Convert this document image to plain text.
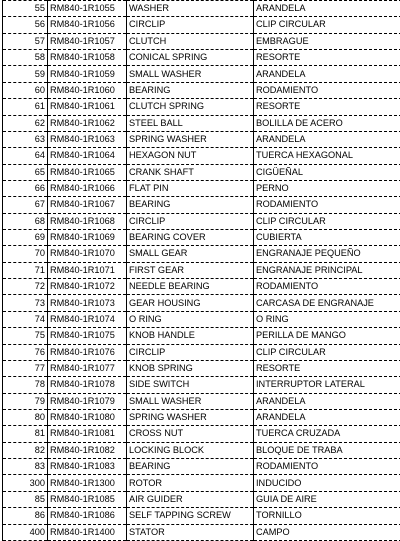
55	RM840-1R1055	WASHER	ARANDELA
56	RM840-1R1056	CIRCLIP	CLIP CIRCULAR
57	RM840-1R1057	CLUTCH	EMBRAGUE
58	RM840-1R1058	CONICAL SPRING	RESORTE
59	RM840-1R1059	SMALL WASHER	ARANDELA
60	RM840-1R1060	BEARING	RODAMIENTO
61	RM840-1R1061	CLUTCH SPRING	RESORTE
62	RM840-1R1062	STEEL BALL	BOLILLA DE ACERO
63	RM840-1R1063	SPRING WASHER	ARANDELA
64	RM840-1R1064	HEXAGON NUT	TUERCA HEXAGONAL
65	RM840-1R1065	CRANK SHAFT	CIGÜEÑAL
66	RM840-1R1066	FLAT PIN	PERNO
67	RM840-1R1067	BEARING	RODAMIENTO
68	RM840-1R1068	CIRCLIP	CLIP CIRCULAR
69	RM840-1R1069	BEARING COVER	CUBIERTA
70	RM840-1R1070	SMALL GEAR	ENGRANAJE PEQUEÑO
71	RM840-1R1071	FIRST GEAR	ENGRANAJE PRINCIPAL
72	RM840-1R1072	NEEDLE BEARING	RODAMIENTO
73	RM840-1R1073	GEAR HOUSING	CARCASA DE ENGRANAJE
74	RM840-1R1074	O RING	O RING
75	RM840-1R1075	KNOB HANDLE	PERILLA DE MANGO
76	RM840-1R1076	CIRCLIP	CLIP CIRCULAR
77	RM840-1R1077	KNOB SPRING	RESORTE
78	RM840-1R1078	SIDE SWITCH	INTERRUPTOR LATERAL
79	RM840-1R1079	SMALL WASHER	ARANDELA
80	RM840-1R1080	SPRING WASHER	ARANDELA
81	RM840-1R1081	CROSS NUT	TUERCA CRUZADA
82	RM840-1R1082	LOCKING BLOCK	BLOQUE DE TRABA
83	RM840-1R1083	BEARING	RODAMIENTO
300	RM840-1R1300	ROTOR	INDUCIDO
85	RM840-1R1085	AIR GUIDER	GUIA DE AIRE
86	RM840-1R1086	SELF TAPPING SCREW	TORNILLO
400	RM840-1R1400	STATOR	CAMPO
